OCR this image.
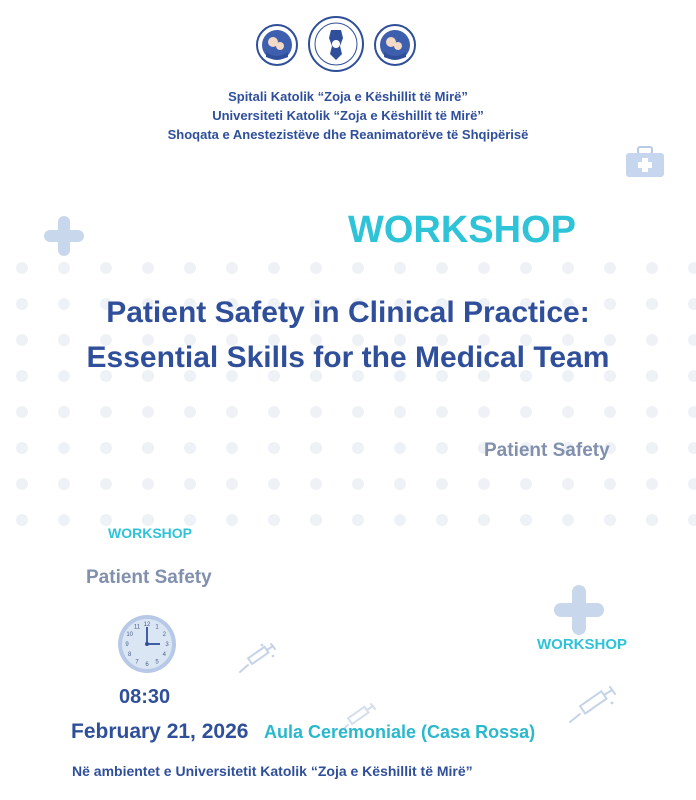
Spitali Katolik “Zoja e Këshillit të Mirë”
Universiteti Katolik “Zoja e Këshillit të Mirë”
Shoqata e Anestezistëve dhe Reanimatorëve të Shqipërisë
WORKSHOP
Patient Safety in Clinical Practice:
Essential Skills for the Medical Team
Patient Safety
WORKSHOP
Patient Safety
WORKSHOP
12 1
2
3
4
5
6
7
8
9
10
11
08:30
February 21, 2026 Aula Ceremoniale (Casa Rossa)
Në ambientet e Universitetit Katolik “Zoja e Këshillit të Mirë”
